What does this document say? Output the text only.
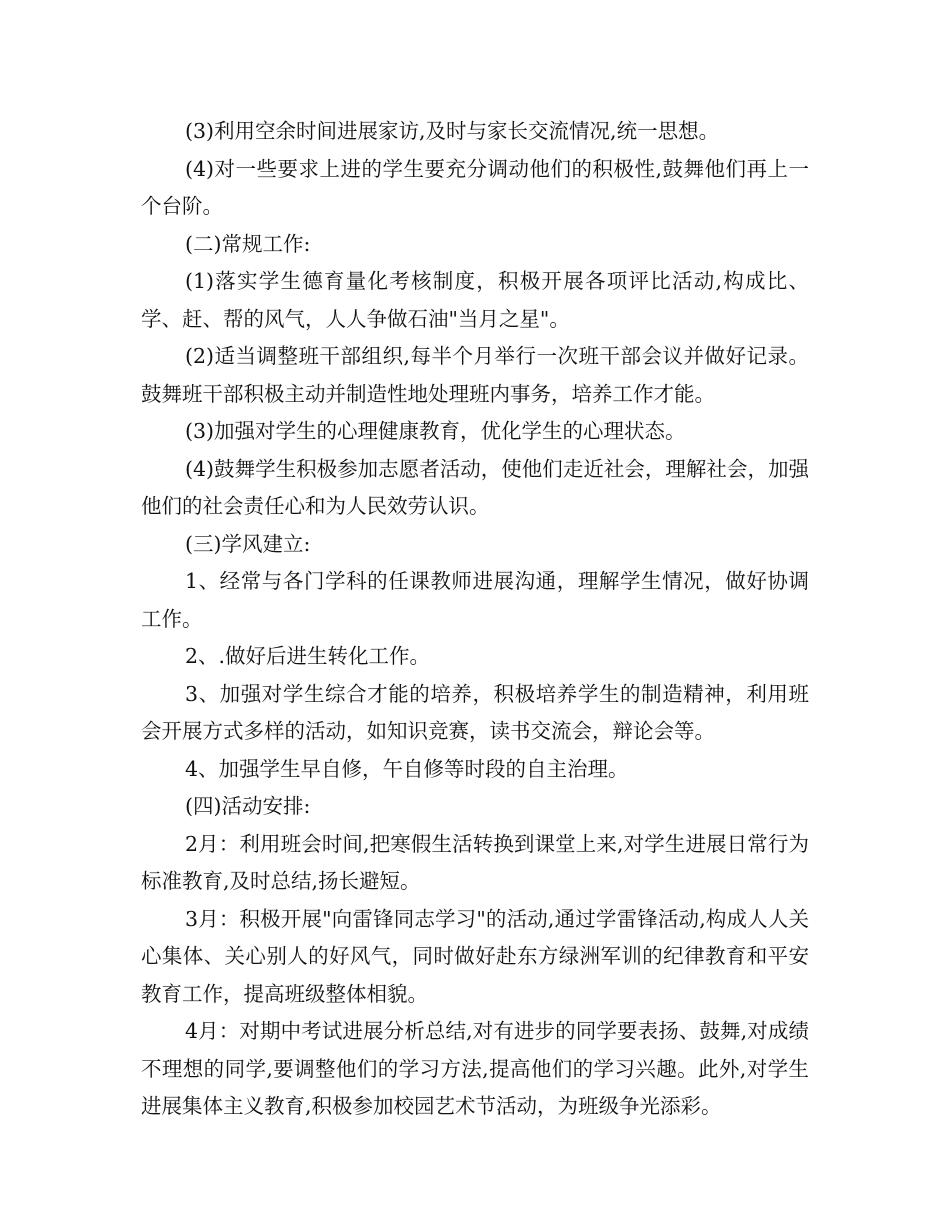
(3)利用空余时间进展家访,及时与家长交流情况,统一思想。

(4)对一些要求上进的学生要充分调动他们的积极性,鼓舞他们再上一个台阶。

(二)常规工作:

(1)落实学生德育量化考核制度，积极开展各项评比活动,构成比、学、赶、帮的风气，人人争做石油"当月之星"。

(2)适当调整班干部组织,每半个月举行一次班干部会议并做好记录。鼓舞班干部积极主动并制造性地处理班内事务，培养工作才能。

(3)加强对学生的心理健康教育，优化学生的心理状态。

(4)鼓舞学生积极参加志愿者活动，使他们走近社会，理解社会，加强他们的社会责任心和为人民效劳认识。

(三)学风建立:

1、经常与各门学科的任课教师进展沟通，理解学生情况，做好协调工作。

2、.做好后进生转化工作。

3、加强对学生综合才能的培养，积极培养学生的制造精神，利用班会开展方式多样的活动，如知识竞赛，读书交流会，辩论会等。

4、加强学生早自修，午自修等时段的自主治理。

(四)活动安排:

2月：利用班会时间,把寒假生活转换到课堂上来,对学生进展日常行为标准教育,及时总结,扬长避短。

3月：积极开展"向雷锋同志学习"的活动,通过学雷锋活动,构成人人关心集体、关心别人的好风气，同时做好赴东方绿洲军训的纪律教育和平安教育工作，提高班级整体相貌。

4月：对期中考试进展分析总结,对有进步的同学要表扬、鼓舞,对成绩不理想的同学,要调整他们的学习方法,提高他们的学习兴趣。此外,对学生进展集体主义教育,积极参加校园艺术节活动，为班级争光添彩。
